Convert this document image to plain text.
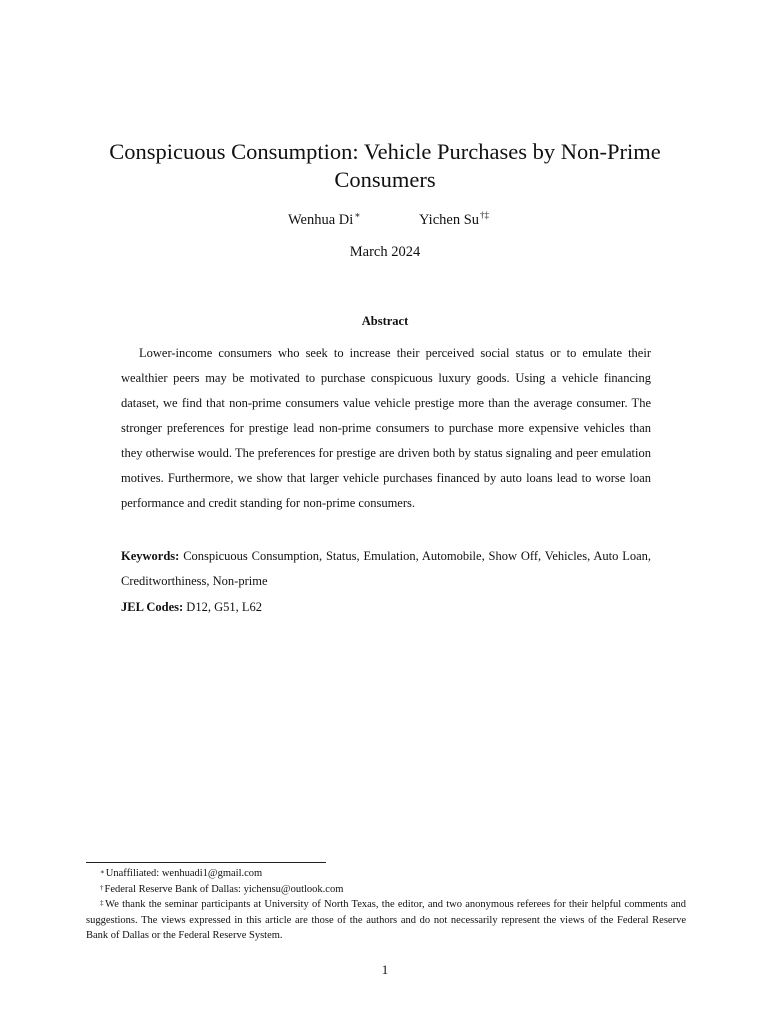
Conspicuous Consumption: Vehicle Purchases by Non-Prime Consumers
Wenhua Di∗	Yichen Su†‡
March 2024
Abstract

Lower-income consumers who seek to increase their perceived social status or to emulate their wealthier peers may be motivated to purchase conspicuous luxury goods. Using a vehicle financing dataset, we find that non-prime consumers value vehicle prestige more than the average consumer. The stronger preferences for prestige lead non-prime consumers to purchase more expensive vehicles than they otherwise would. The preferences for prestige are driven both by status signaling and peer emulation motives. Furthermore, we show that larger vehicle purchases financed by auto loans lead to worse loan performance and credit standing for non-prime consumers.

Keywords: Conspicuous Consumption, Status, Emulation, Automobile, Show Off, Vehicles, Auto Loan, Creditworthiness, Non-prime

JEL Codes: D12, G51, L62

∗Unaffiliated: wenhuadi1@gmail.com

†Federal Reserve Bank of Dallas: yichensu@outlook.com

‡We thank the seminar participants at University of North Texas, the editor, and two anonymous referees for their helpful comments and suggestions. The views expressed in this article are those of the authors and do not necessarily represent the views of the Federal Reserve Bank of Dallas or the Federal Reserve System.

1
